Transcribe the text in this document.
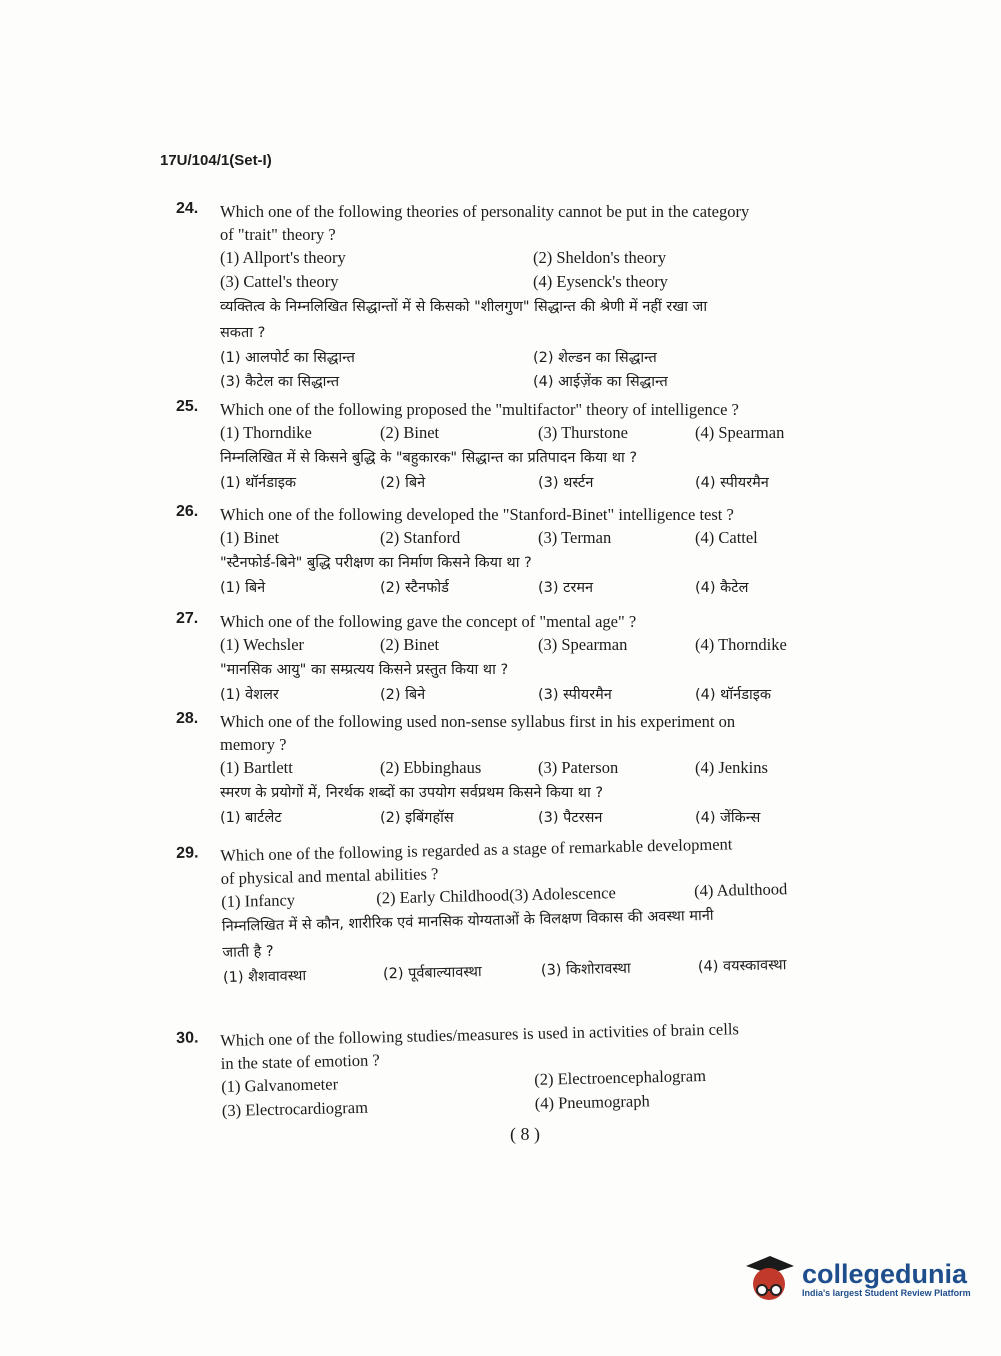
17U/104/1(Set-I)
24. Which one of the following theories of personality cannot be put in the category
of "trait" theory ?
(1) Allport's theory	(2) Sheldon's theory
(3) Cattel's theory	(4) Eysenck's theory
व्यक्तित्व के निम्नलिखित सिद्धान्तों में से किसको "शीलगुण" सिद्धान्त की श्रेणी में नहीं रखा जा
सकता ?
(1) आलपोर्ट का सिद्धान्त	(2) शेल्डन का सिद्धान्त
(3) कैटेल का सिद्धान्त	(4) आईज़ेंक का सिद्धान्त
25. Which one of the following proposed the "multifactor" theory of intelligence ?
(1) Thorndike	(2) Binet	(3) Thurstone	(4) Spearman
निम्नलिखित में से किसने बुद्धि के "बहुकारक" सिद्धान्त का प्रतिपादन किया था ?
(1) थॉर्नडाइक	(2) बिने	(3) थर्स्टन	(4) स्पीयरमैन
26. Which one of the following developed the "Stanford-Binet" intelligence test ?
(1) Binet	(2) Stanford	(3) Terman	(4) Cattel
"स्टैनफोर्ड-बिने" बुद्धि परीक्षण का निर्माण किसने किया था ?
(1) बिने	(2) स्टैनफोर्ड	(3) टरमन	(4) कैटेल
27. Which one of the following gave the concept of "mental age" ?
(1) Wechsler	(2) Binet	(3) Spearman	(4) Thorndike
"मानसिक आयु" का सम्प्रत्यय किसने प्रस्तुत किया था ?
(1) वेशलर	(2) बिने	(3) स्पीयरमैन	(4) थॉर्नडाइक
28. Which one of the following used non-sense syllabus first in his experiment on
memory ?
(1) Bartlett	(2) Ebbinghaus	(3) Paterson	(4) Jenkins
स्मरण के प्रयोगों में, निरर्थक शब्दों का उपयोग सर्वप्रथम किसने किया था ?
(1) बार्टलेट	(2) इबिंगहॉस	(3) पैटरसन	(4) जेंकिन्स
29. Which one of the following is regarded as a stage of remarkable development
of physical and mental abilities ?
(1) Infancy	(2) Early Childhood(3) Adolescence	(4) Adulthood
निम्नलिखित में से कौन, शारीरिक एवं मानसिक योग्यताओं के विलक्षण विकास की अवस्था मानी
जाती है ?
(1) शैशवावस्था	(2) पूर्वबाल्यावस्था	(3) किशोरावस्था	(4) वयस्कावस्था
30. Which one of the following studies/measures is used in activities of brain cells
in the state of emotion ?
(1) Galvanometer	(2) Electroencephalogram
(3) Electrocardiogram	(4) Pneumograph
( 8 )
collegedunia
India's largest Student Review Platform
